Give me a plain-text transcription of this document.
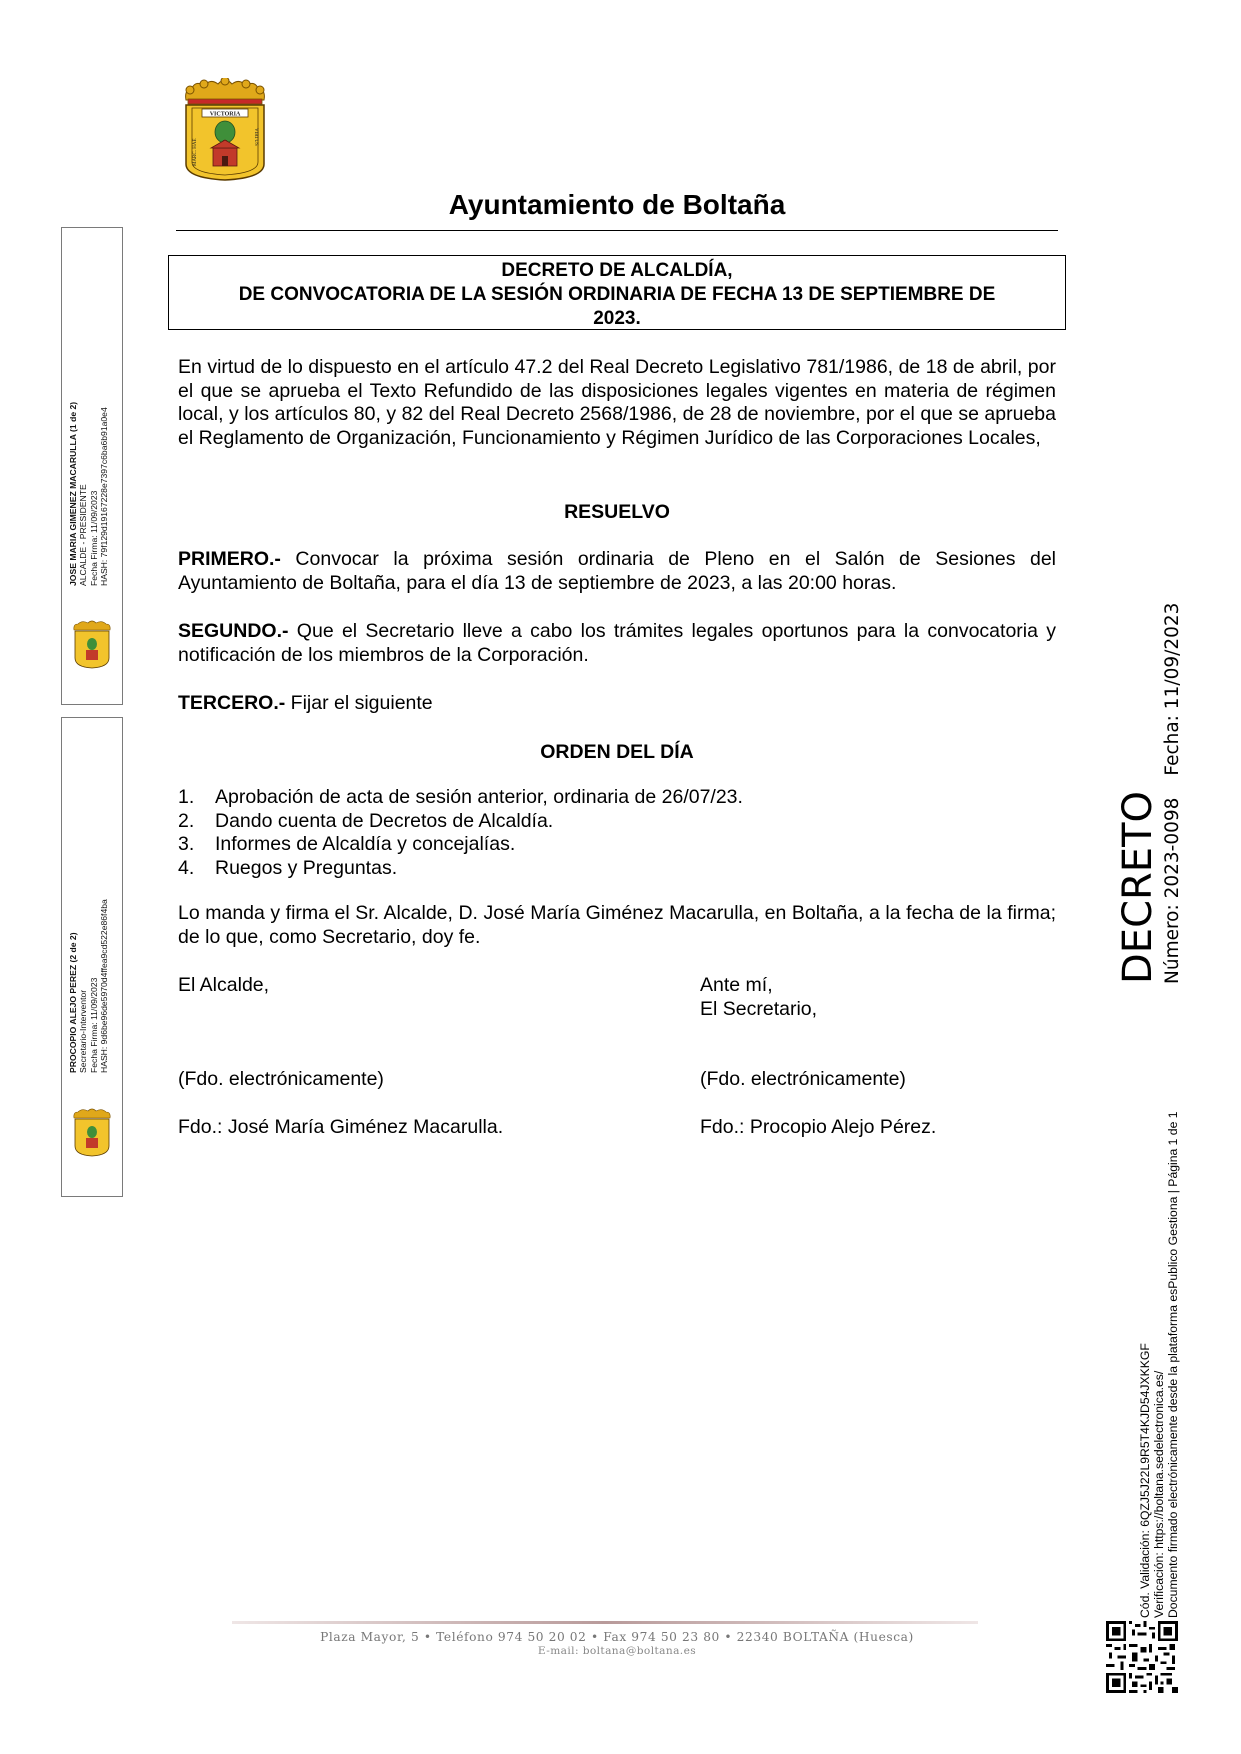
VICTORIA
MARC. HAE
VIRTUS
Ayuntamiento de Boltaña
DECRETO DE ALCALDÍA,
DE CONVOCATORIA DE LA SESIÓN ORDINARIA DE FECHA 13 DE SEPTIEMBRE DE
2023.
En virtud de lo dispuesto en el artículo 47.2 del Real Decreto Legislativo 781/1986, de 18 de abril, por el que se aprueba el Texto Refundido de las disposiciones legales vigentes en materia de régimen local, y los artículos 80, y 82 del Real Decreto 2568/1986, de 28 de noviembre, por el que se aprueba el Reglamento de Organización, Funcionamiento y Régimen Jurídico de las Corporaciones Locales,
RESUELVO
PRIMERO.- Convocar la próxima sesión ordinaria de Pleno en el Salón de Sesiones del Ayuntamiento de Boltaña, para el día 13 de septiembre de 2023, a las 20:00 horas.
SEGUNDO.- Que el Secretario lleve a cabo los trámites legales oportunos para la convocatoria y notificación de los miembros de la Corporación.
TERCERO.- Fijar el siguiente
ORDEN DEL DÍA
1. Aprobación de acta de sesión anterior, ordinaria de 26/07/23.
2. Dando cuenta de Decretos de Alcaldía.
3. Informes de Alcaldía y concejalías.
4. Ruegos y Preguntas.
Lo manda y firma el Sr. Alcalde, D. José María Giménez Macarulla, en Boltaña, a la fecha de la firma; de lo que, como Secretario, doy fe.
El Alcalde,	Ante mí,
El Secretario,
(Fdo. electrónicamente)	(Fdo. electrónicamente)
Fdo.: José María Giménez Macarulla.	Fdo.: Procopio Alejo Pérez.
JOSE MARIA GIMENEZ MACARULLA (1 de 2) ALCALDE - PRESIDENTE Fecha Firma: 11/09/2023 HASH: 79f129d1916722​8e7397c6ba6b91a0e4
PROCOPIO ALEJO PEREZ (2 de 2) Secretario-Interventor Fecha Firma: 11/09/2023 HASH: 9d6be96de5970d4ffea9cd522e86f4ba
DECRETO Número: 2023-0098Fecha: 11/09/2023
Cód. Validación: 6QZJ5J22L9R5T4KJD54JXKKGF Verificación: https://boltana.sedelectronica.es/ Documento firmado electrónicamente desde la plataforma esPublico Gestiona | Página 1 de 1
Plaza Mayor, 5 • Teléfono 974 50 20 02 • Fax 974 50 23 80 • 22340 BOLTAÑA (Huesca)
E-mail: boltana@boltana.es
